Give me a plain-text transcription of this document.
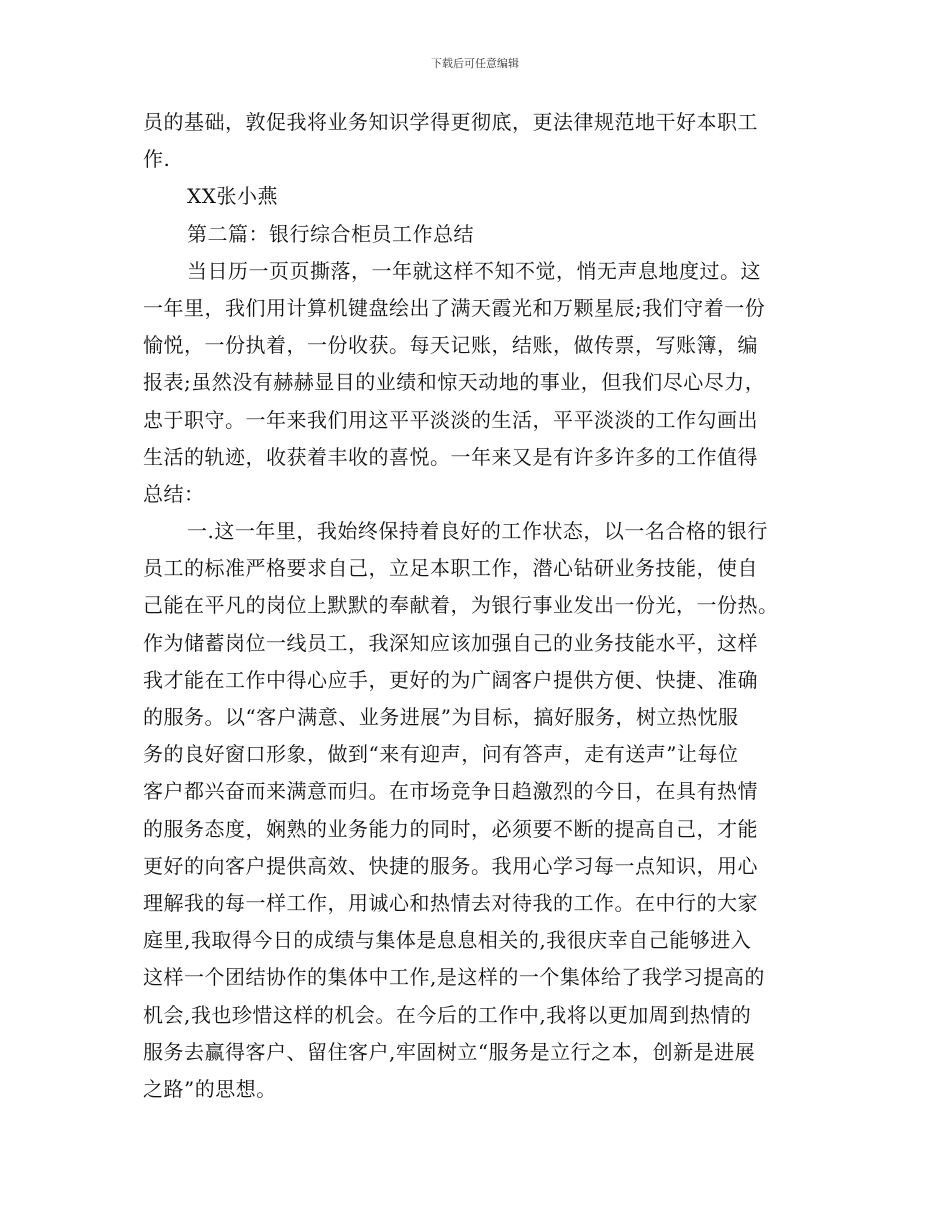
下载后可任意编辑
员的基础，敦促我将业务知识学得更彻底，更法律规范地干好本职工
作.
XX张小燕
第二篇：银行综合柜员工作总结
当日历一页页撕落，一年就这样不知不觉，悄无声息地度过。这
一年里，我们用计算机键盘绘出了满天霞光和万颗星辰;我们守着一份
愉悦，一份执着，一份收获。每天记账，结账，做传票，写账簿，编
报表;虽然没有赫赫显目的业绩和惊天动地的事业，但我们尽心尽力，
忠于职守。一年来我们用这平平淡淡的生活，平平淡淡的工作勾画出
生活的轨迹，收获着丰收的喜悦。一年来又是有许多许多的工作值得
总结：
一.这一年里，我始终保持着良好的工作状态，以一名合格的银行
员工的标准严格要求自己，立足本职工作，潜心钻研业务技能，使自
己能在平凡的岗位上默默的奉献着，为银行事业发出一份光，一份热。
作为储蓄岗位一线员工，我深知应该加强自己的业务技能水平，这样
我才能在工作中得心应手，更好的为广阔客户提供方便、快捷、准确
的服务。以“客户满意、业务进展”为目标，搞好服务，树立热忱服
务的良好窗口形象，做到“来有迎声，问有答声，走有送声”让每位
客户都兴奋而来满意而归。在市场竞争日趋激烈的今日，在具有热情
的服务态度，娴熟的业务能力的同时，必须要不断的提高自己，才能
更好的向客户提供高效、快捷的服务。我用心学习每一点知识，用心
理解我的每一样工作，用诚心和热情去对待我的工作。在中行的大家
庭里,我取得今日的成绩与集体是息息相关的,我很庆幸自己能够进入
这样一个团结协作的集体中工作,是这样的一个集体给了我学习提高的
机会,我也珍惜这样的机会。在今后的工作中,我将以更加周到热情的
服务去赢得客户、留住客户,牢固树立“服务是立行之本，创新是进展
之路”的思想。
